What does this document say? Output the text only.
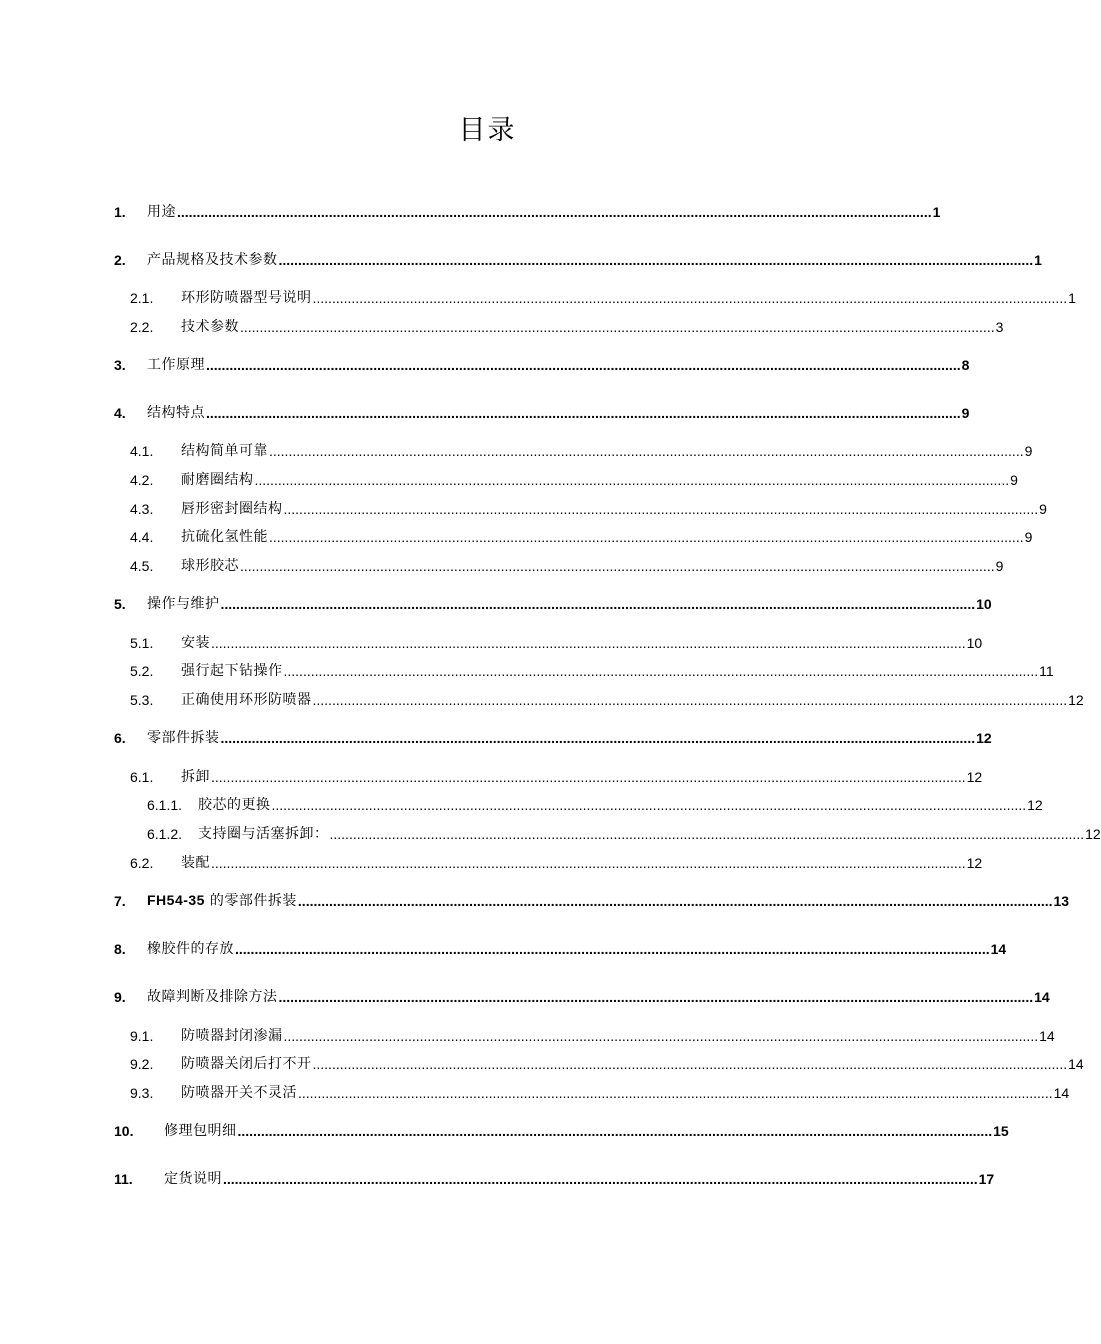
目录
1.	用途 .................................................................................................................................................................................................. 1
2.	产品规格及技术参数 .................................................................................................................................................................................................. 1
2.1.	环形防喷器型号说明 .................................................................................................................................................................................................. 1
2.2.	技术参数 .................................................................................................................................................................................................. 3
3.	工作原理 .................................................................................................................................................................................................. 8
4.	结构特点 .................................................................................................................................................................................................. 9
4.1.	结构简单可靠 .................................................................................................................................................................................................. 9
4.2.	耐磨圈结构 .................................................................................................................................................................................................. 9
4.3.	唇形密封圈结构 .................................................................................................................................................................................................. 9
4.4.	抗硫化氢性能 .................................................................................................................................................................................................. 9
4.5.	球形胶芯 .................................................................................................................................................................................................. 9
5.	操作与维护 .................................................................................................................................................................................................. 10
5.1.	安装 .................................................................................................................................................................................................. 10
5.2.	强行起下钻操作 .................................................................................................................................................................................................. 11
5.3.	正确使用环形防喷器 .................................................................................................................................................................................................. 12
6.	零部件拆装 .................................................................................................................................................................................................. 12
6.1.	拆卸 .................................................................................................................................................................................................. 12
6.1.1.	胶芯的更换 .................................................................................................................................................................................................. 12
6.1.2.	支持圈与活塞拆卸： .................................................................................................................................................................................................. 12
6.2.	装配 .................................................................................................................................................................................................. 12
7.	FH54-35 的零部件拆装 .................................................................................................................................................................................................. 13
8.	橡胶件的存放 .................................................................................................................................................................................................. 14
9.	故障判断及排除方法 .................................................................................................................................................................................................. 14
9.1.	防喷器封闭渗漏 .................................................................................................................................................................................................. 14
9.2.	防喷器关闭后打不开 .................................................................................................................................................................................................. 14
9.3.	防喷器开关不灵活 .................................................................................................................................................................................................. 14
10.	修理包明细 .................................................................................................................................................................................................. 15
11.	定货说明 .................................................................................................................................................................................................. 17
